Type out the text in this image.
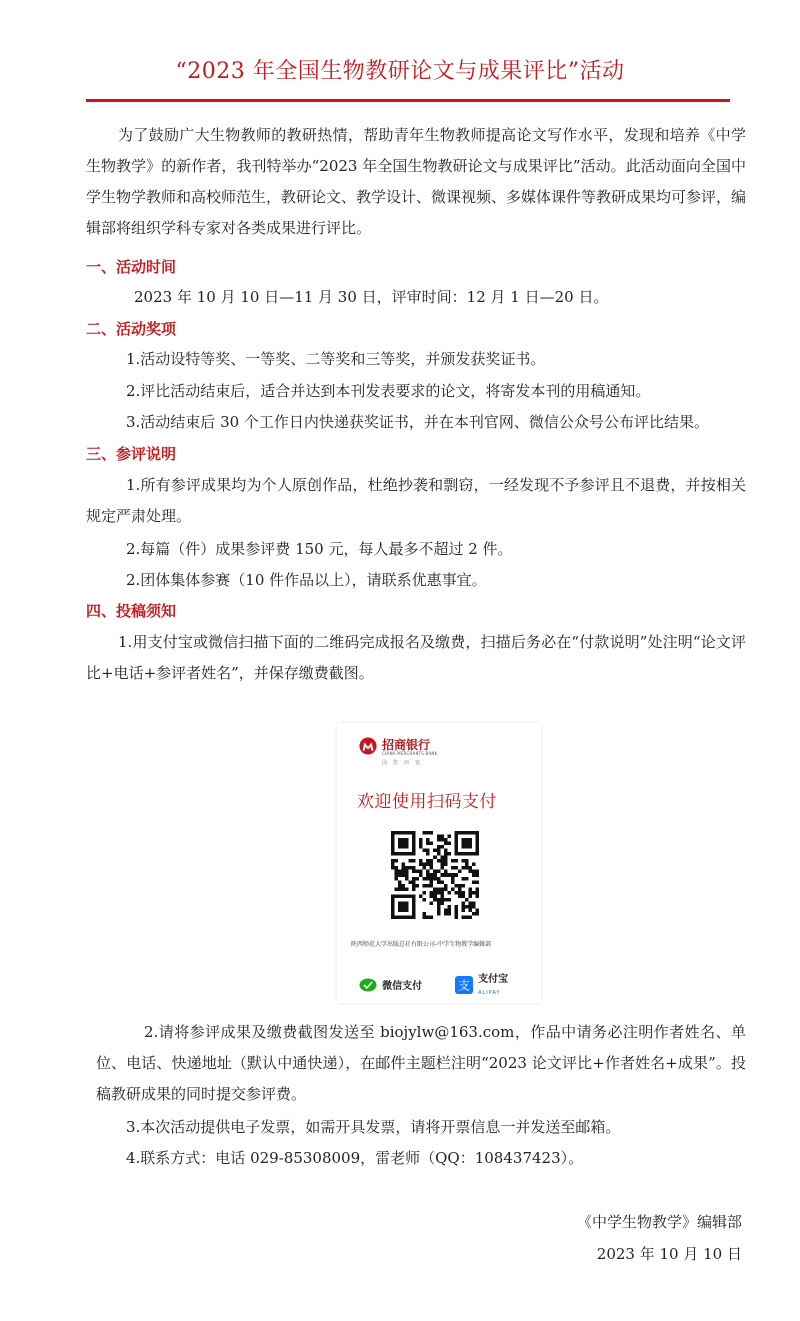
“2023 年全国生物教研论文与成果评比”活动
为了鼓励广大生物教师的教研热情，帮助青年生物教师提高论文写作水平，发现和培养《中学生物教学》的新作者，我刊特举办“2023 年全国生物教研论文与成果评比”活动。此活动面向全国中学生物学教师和高校师范生，教研论文、教学设计、微课视频、多媒体课件等教研成果均可参评，编辑部将组织学科专家对各类成果进行评比。
一、活动时间
2023 年 10 月 10 日—11 月 30 日，评审时间：12 月 1 日—20 日。
二、活动奖项
1.活动设特等奖、一等奖、二等奖和三等奖，并颁发获奖证书。
2.评比活动结束后，适合并达到本刊发表要求的论文，将寄发本刊的用稿通知。
3.活动结束后 30 个工作日内快递获奖证书，并在本刊官网、微信公众号公布评比结果。
三、参评说明
1.所有参评成果均为个人原创作品，杜绝抄袭和剽窃，一经发现不予参评且不退费，并按相关规定严肃处理。
2.每篇（件）成果参评费 150 元，每人最多不超过 2 件。
2.团体集体参赛（10 件作品以上），请联系优惠事宜。
四、投稿须知
1.用支付宝或微信扫描下面的二维码完成报名及缴费，扫描后务必在“付款说明”处注明“论文评比+电话+参评者姓名”，并保存缴费截图。
招商银行
CHINA MERCHANTS BANK
因您而变
欢迎使用扫码支付
陕西师范大学出版总社有限公司-中学生物教学编辑部
微信支付	支 支付宝
ALIPAY
2.请将参评成果及缴费截图发送至 biojylw@163.com，作品中请务必注明作者姓名、单位、电话、快递地址（默认中通快递），在邮件主题栏注明“2023 论文评比+作者姓名+成果”。投稿教研成果的同时提交参评费。
3.本次活动提供电子发票，如需开具发票，请将开票信息一并发送至邮箱。
4.联系方式：电话 029-85308009，雷老师（QQ：108437423）。
《中学生物教学》编辑部
2023 年 10 月 10 日
